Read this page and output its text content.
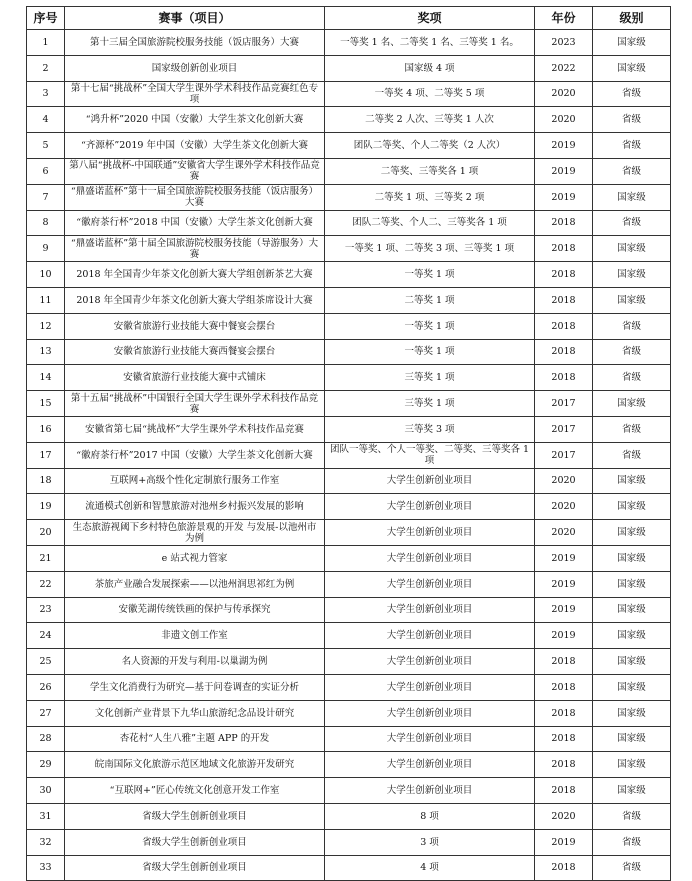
序号	赛事（项目）	奖项	年份	级别
1	第十三届全国旅游院校服务技能（饭店服务）大赛	一等奖 1 名、二等奖 1 名、三等奖 1 名。	2023	国家级
2	国家级创新创业项目	国家级 4 项	2022	国家级
3	第十七届“挑战杯”全国大学生课外学术科技作品竞赛红色专项	一等奖 4 项、二等奖 5 项	2020	省级
4	“鸿升杯”2020 中国（安徽）大学生茶文化创新大赛	二等奖 2 人次、三等奖 1 人次	2020	省级
5	“齐源杯”2019 年中国（安徽）大学生茶文化创新大赛	团队二等奖、个人二等奖（2 人次）	2019	省级
6	第八届“挑战杯-中国联通”安徽省大学生课外学术科技作品竞赛	二等奖、三等奖各 1 项	2019	省级
7	“鼎盛诺蓝杯”第十一届全国旅游院校服务技能（饭店服务）大赛	二等奖 1 项、三等奖 2 项	2019	国家级
8	“徽府茶行杯”2018 中国（安徽）大学生茶文化创新大赛	团队二等奖、个人二、三等奖各 1 项	2018	省级
9	“鼎盛诺蓝杯”第十届全国旅游院校服务技能（导游服务）大赛	一等奖 1 项、二等奖 3 项、三等奖 1 项	2018	国家级
10	2018 年全国青少年茶文化创新大赛大学组创新茶艺大赛	一等奖 1 项	2018	国家级
11	2018 年全国青少年茶文化创新大赛大学组茶席设计大赛	二等奖 1 项	2018	国家级
12	安徽省旅游行业技能大赛中餐宴会摆台	一等奖 1 项	2018	省级
13	安徽省旅游行业技能大赛西餐宴会摆台	一等奖 1 项	2018	省级
14	安徽省旅游行业技能大赛中式铺床	三等奖 1 项	2018	省级
15	第十五届“挑战杯”中国银行全国大学生课外学术科技作品竞赛	三等奖 1 项	2017	国家级
16	安徽省第七届“挑战杯”大学生课外学术科技作品竞赛	三等奖 3 项	2017	省级
17	“徽府茶行杯”2017 中国（安徽）大学生茶文化创新大赛	团队一等奖、个人一等奖、二等奖、三等奖各 1 项	2017	省级
18	互联网+高级个性化定制旅行服务工作室	大学生创新创业项目	2020	国家级
19	流通模式创新和智慧旅游对池州乡村振兴发展的影响	大学生创新创业项目	2020	国家级
20	生态旅游视阈下乡村特色旅游景观的开发 与发展-以池州市为例	大学生创新创业项目	2020	国家级
21	e 站式视力管家	大学生创新创业项目	2019	国家级
22	茶旅产业融合发展探索——以池州润思祁红为例	大学生创新创业项目	2019	国家级
23	安徽芜湖传统铁画的保护与传承探究	大学生创新创业项目	2019	国家级
24	非遗文创工作室	大学生创新创业项目	2019	国家级
25	名人资源的开发与利用-以巢湖为例	大学生创新创业项目	2018	国家级
26	学生文化消费行为研究—基于问卷调查的实证分析	大学生创新创业项目	2018	国家级
27	文化创新产业背景下九华山旅游纪念品设计研究	大学生创新创业项目	2018	国家级
28	杏花村“人生八雅”主题 APP 的开发	大学生创新创业项目	2018	国家级
29	皖南国际文化旅游示范区地域文化旅游开发研究	大学生创新创业项目	2018	国家级
30	“互联网+”匠心传统文化创意开发工作室	大学生创新创业项目	2018	国家级
31	省级大学生创新创业项目	8 项	2020	省级
32	省级大学生创新创业项目	3 项	2019	省级
33	省级大学生创新创业项目	4 项	2018	省级
